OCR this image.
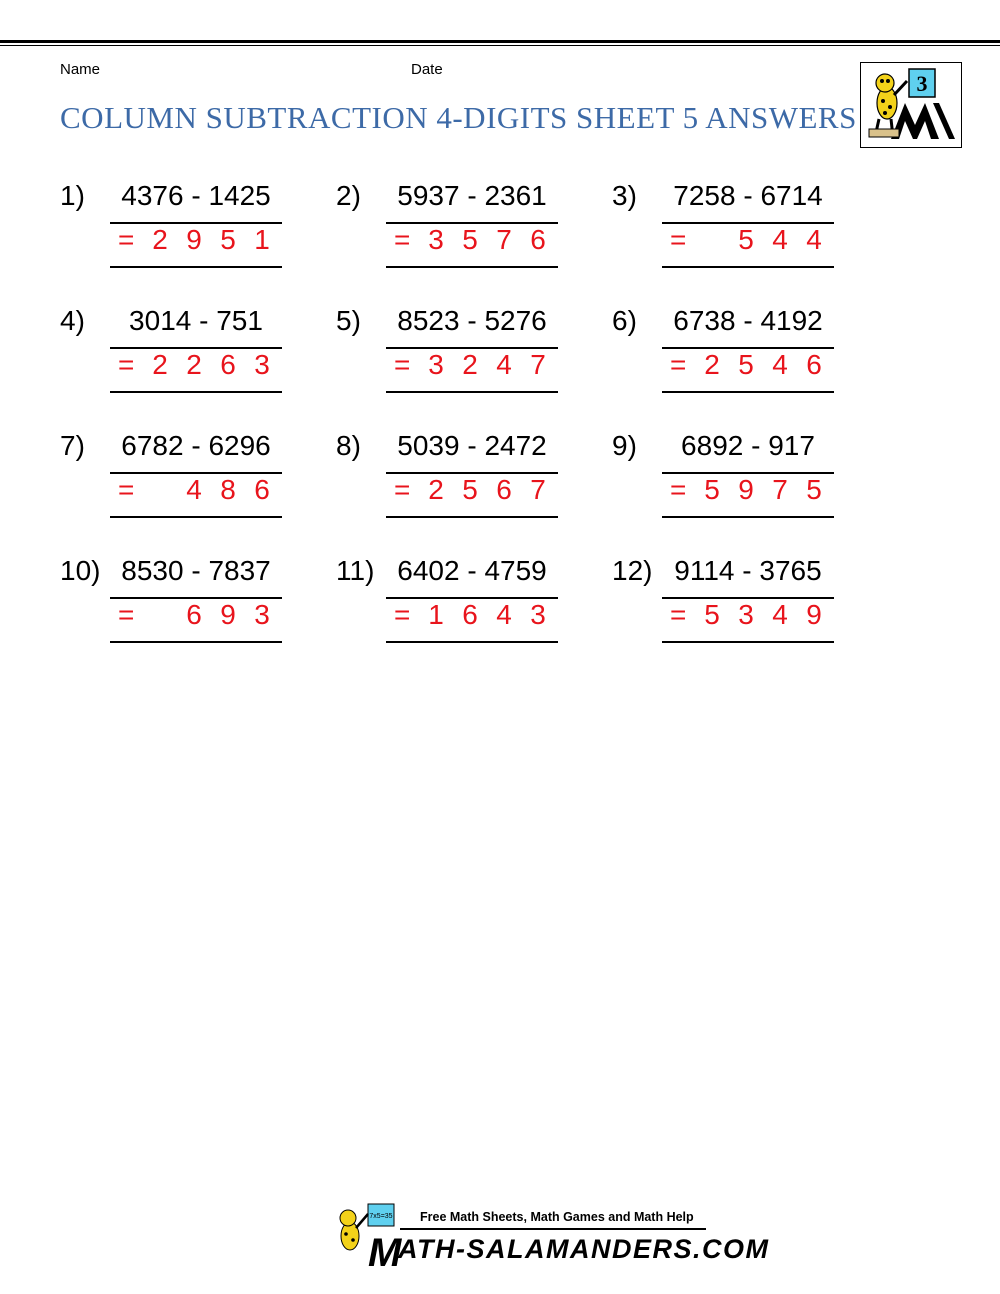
Name	Date
COLUMN SUBTRACTION 4-DIGITS SHEET 5 ANSWERS
3
1)	4376 - 1425
= 2 9 5 1
2)	5937 - 2361
= 3 5 7 6
3)	7258 - 6714
= 5 4 4
4)	3014 - 751
= 2 2 6 3
5)	8523 - 5276
= 3 2 4 7
6)	6738 - 4192
= 2 5 4 6
7)	6782 - 6296
= 4 8 6
8)	5039 - 2472
= 2 5 6 7
9)	6892 - 917
= 5 9 7 5
10) 8530 - 7837
= 6 9 3
11) 6402 - 4759
= 1 6 4 3
12) 9114 - 3765
= 5 3 4 9
7x5=35
M
Free Math Sheets, Math Games and Math Help
ATH-SALAMANDERS.COM
